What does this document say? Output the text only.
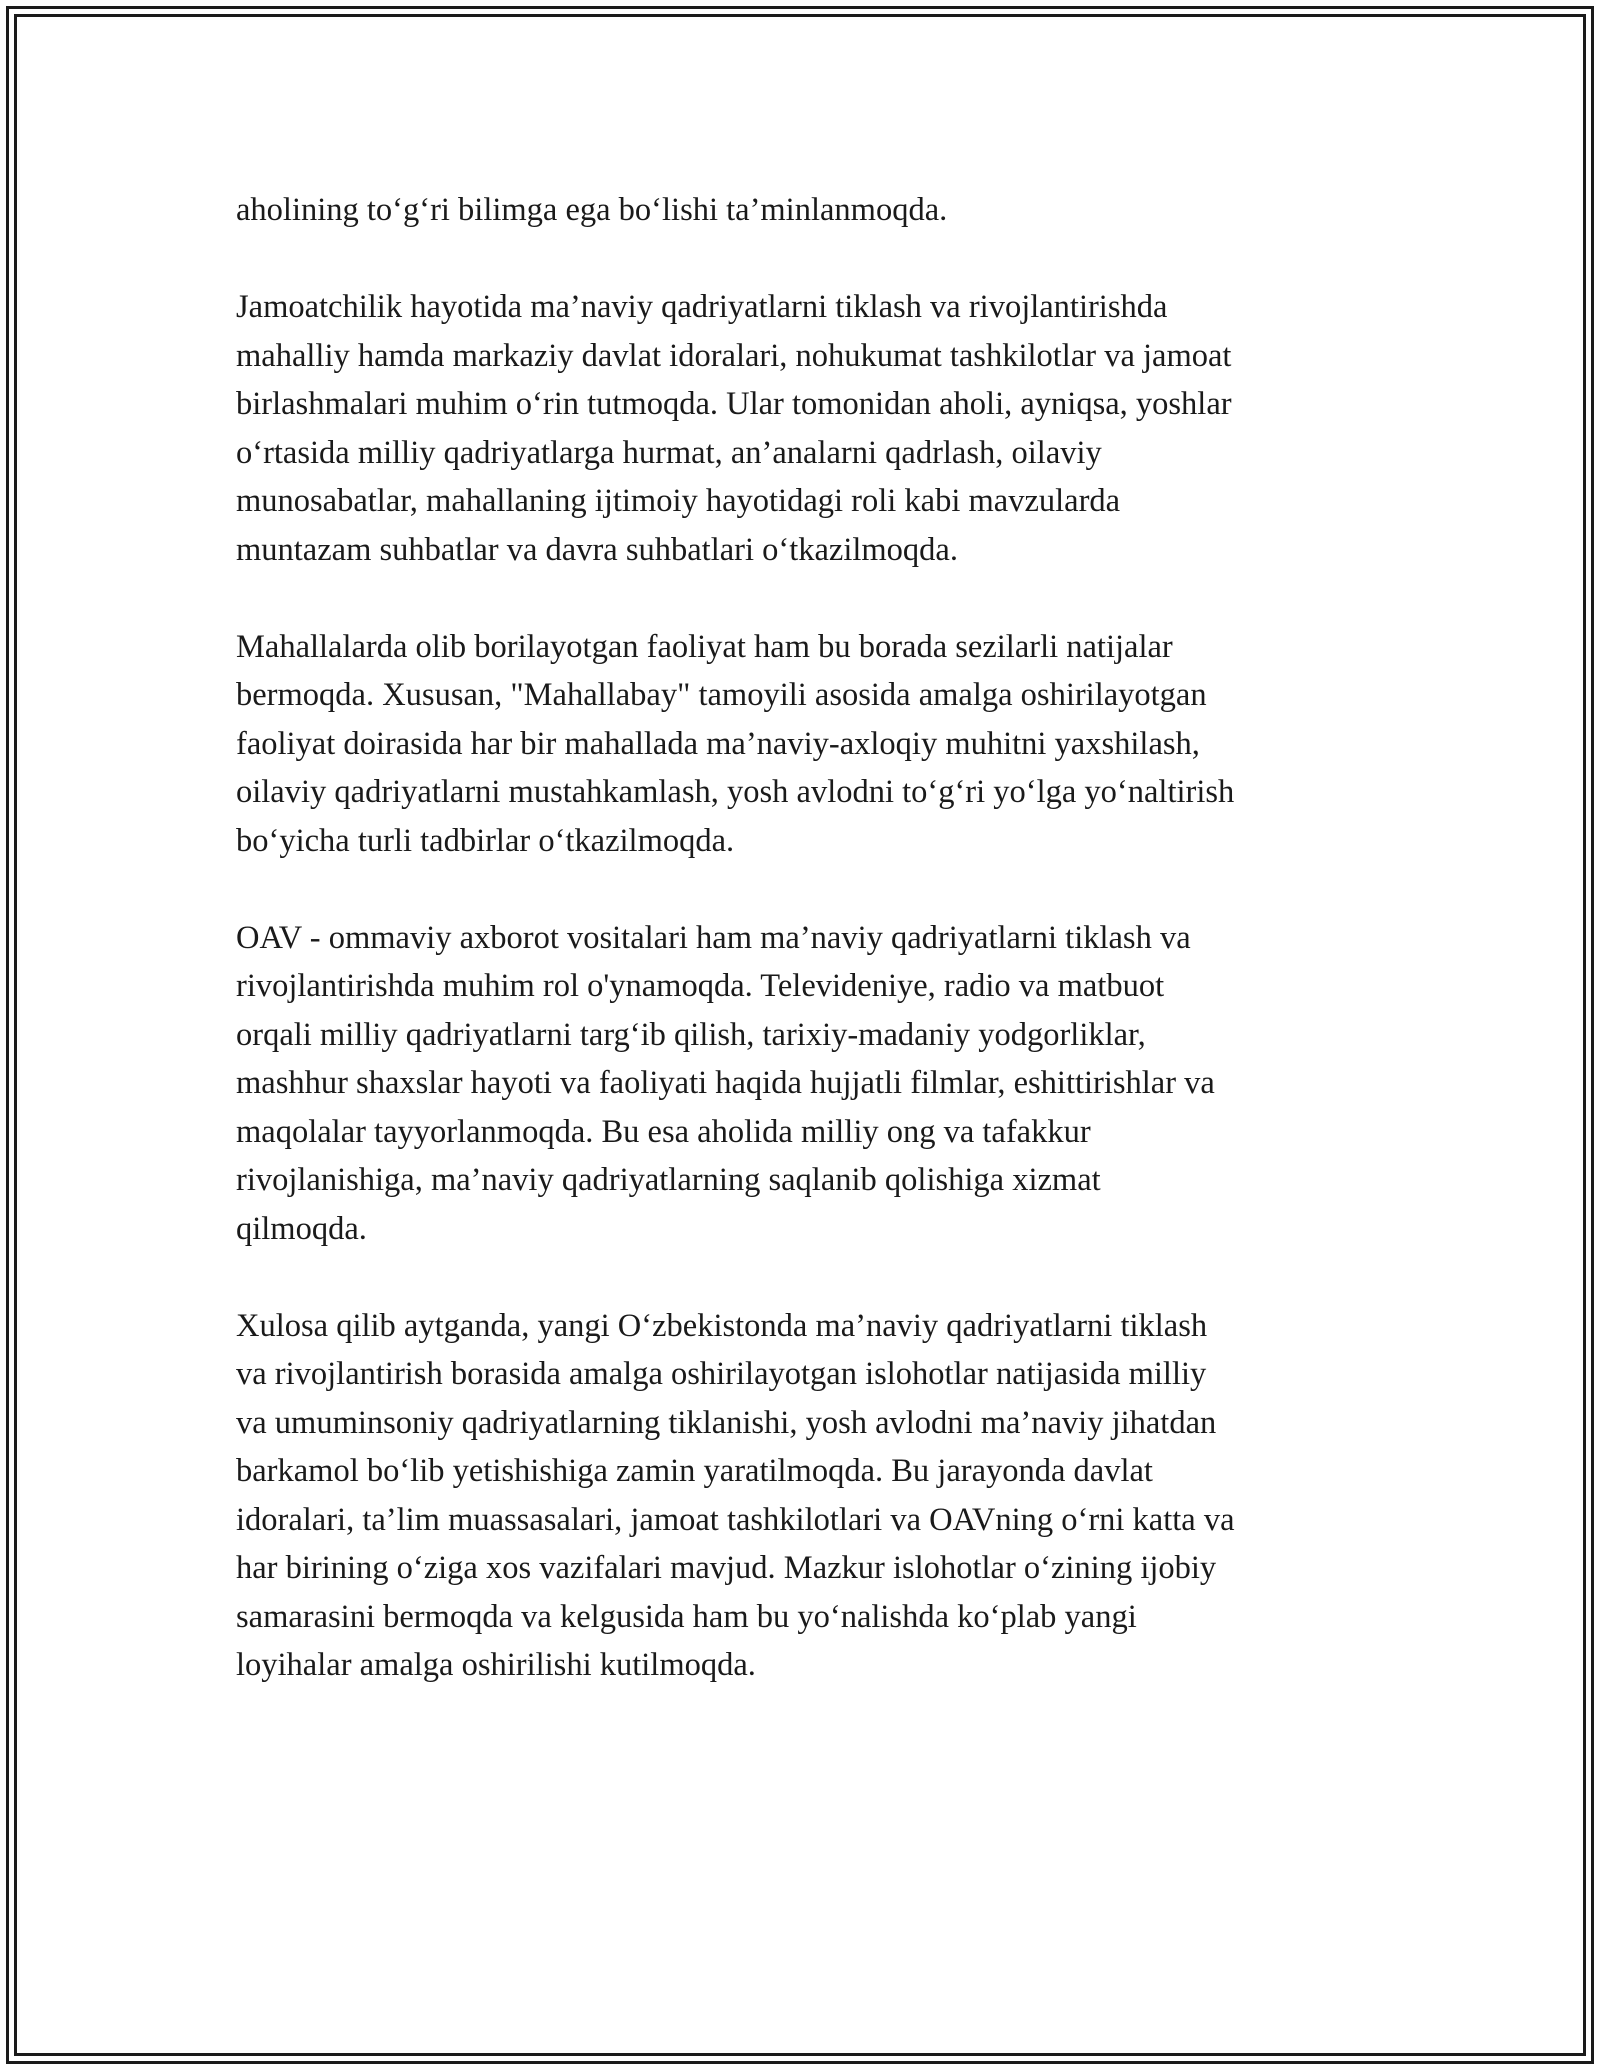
aholining to‘g‘ri bilimga ega bo‘lishi ta’minlanmoqda.

Jamoatchilik hayotida ma’naviy qadriyatlarni tiklash va rivojlantirishda
mahalliy hamda markaziy davlat idoralari, nohukumat tashkilotlar va jamoat
birlashmalari muhim o‘rin tutmoqda. Ular tomonidan aholi, ayniqsa, yoshlar
o‘rtasida milliy qadriyatlarga hurmat, an’analarni qadrlash, oilaviy
munosabatlar, mahallaning ijtimoiy hayotidagi roli kabi mavzularda
muntazam suhbatlar va davra suhbatlari o‘tkazilmoqda.

Mahallalarda olib borilayotgan faoliyat ham bu borada sezilarli natijalar
bermoqda. Xususan, "Mahallabay" tamoyili asosida amalga oshirilayotgan
faoliyat doirasida har bir mahallada ma’naviy-axloqiy muhitni yaxshilash,
oilaviy qadriyatlarni mustahkamlash, yosh avlodni to‘g‘ri yo‘lga yo‘naltirish
bo‘yicha turli tadbirlar o‘tkazilmoqda.

OAV - ommaviy axborot vositalari ham ma’naviy qadriyatlarni tiklash va
rivojlantirishda muhim rol o'ynamoqda. Televideniye, radio va matbuot
orqali milliy qadriyatlarni targ‘ib qilish, tarixiy-madaniy yodgorliklar,
mashhur shaxslar hayoti va faoliyati haqida hujjatli filmlar, eshittirishlar va
maqolalar tayyorlanmoqda. Bu esa aholida milliy ong va tafakkur
rivojlanishiga, ma’naviy qadriyatlarning saqlanib qolishiga xizmat
qilmoqda.

Xulosa qilib aytganda, yangi O‘zbekistonda ma’naviy qadriyatlarni tiklash
va rivojlantirish borasida amalga oshirilayotgan islohotlar natijasida milliy
va umuminsoniy qadriyatlarning tiklanishi, yosh avlodni ma’naviy jihatdan
barkamol bo‘lib yetishishiga zamin yaratilmoqda. Bu jarayonda davlat
idoralari, ta’lim muassasalari, jamoat tashkilotlari va OAVning o‘rni katta va
har birining o‘ziga xos vazifalari mavjud. Mazkur islohotlar o‘zining ijobiy
samarasini bermoqda va kelgusida ham bu yo‘nalishda ko‘plab yangi
loyihalar amalga oshirilishi kutilmoqda.
